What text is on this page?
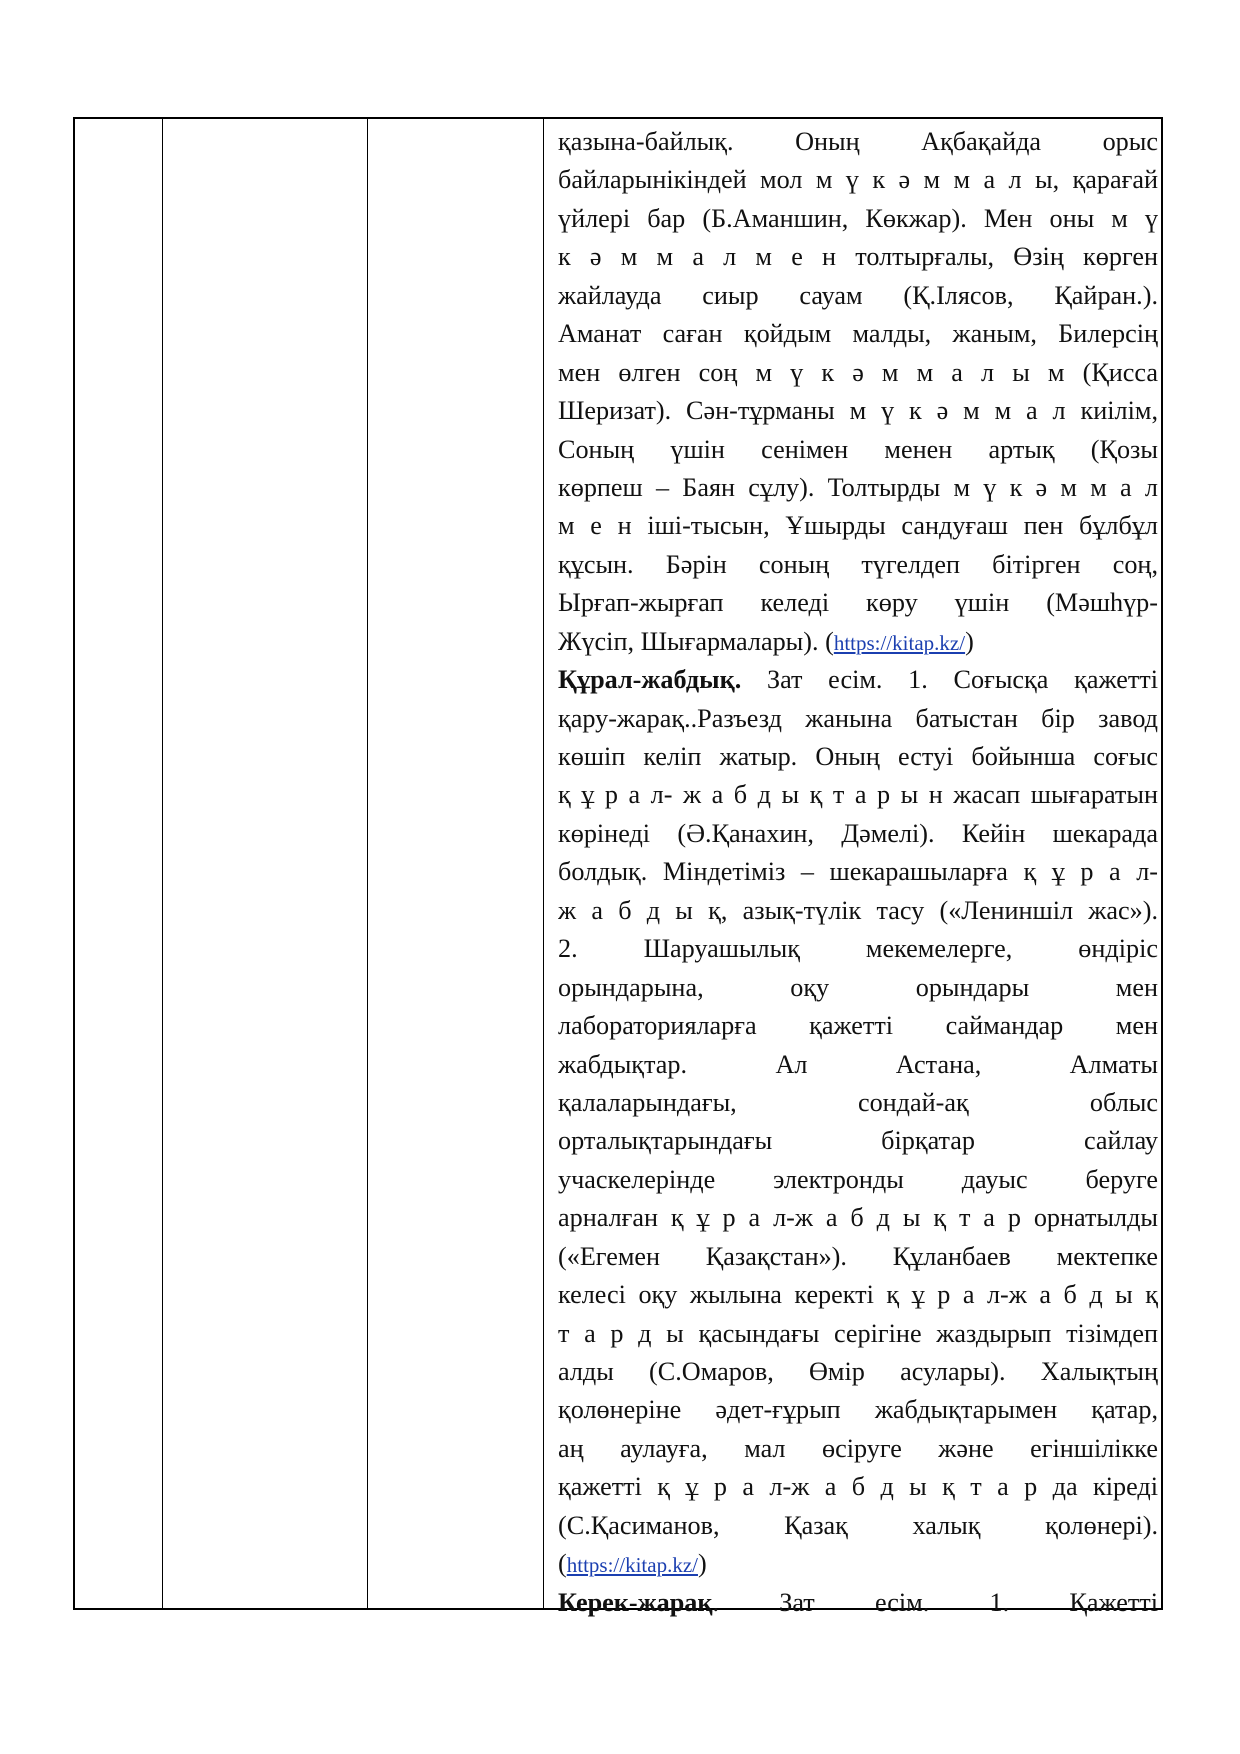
қазына-байлық. Оның Ақбақайда орыс
байларынікіндей мол м ү к ә м м а л ы, қарағай
үйлері бар (Б.Аманшин, Көкжар). Мен оны м ү
к ә м м а л м е н толтырғалы, Өзің көрген
жайлауда сиыр сауам (Қ.Іляcов, Қайран.).
Аманат саған қойдым малды, жаным, Билерсің
мен өлген соң м ү к ә м м а л ы м (Қисса
Шеризат). Сән-тұрманы м ү к ә м м а л киілім,
Соның үшін сенімен менен артық (Қозы
көрпеш – Баян сұлу). Толтырды м ү к ә м м а л
м е н іші-тысын, Ұшырды сандуғаш пен бұлбұл
құсын. Бәрін соның түгелдеп бітірген соң,
Ырғап-жырғап келеді көру үшін (Мәшһүр-
Жүсіп, Шығармалары). (https://kitap.kz/)
Құрал-жабдық. Зат есім. 1. Соғысқа қажетті
қару-жарақ..Разъезд жанына батыстан бір завод
көшіп келіп жатыр. Оның естуі бойынша соғыс
қ ұ р а л- ж а б д ы қ т а р ы н жасап шығаратын
көрінеді (Ә.Қанахин, Дәмелі). Кейін шекарада
болдық. Міндетіміз – шекарашыларға қ ұ р а л-
ж а б д ы қ, азық-түлік тасу («Лениншіл жас»).
2. Шаруашылық мекемелерге, өндіріс
орындарына, оқу орындары мен
лабораторияларға қажетті саймандар мен
жабдықтар. Ал Астана, Алматы
қалаларындағы, сондай-ақ облыс
орталықтарындағы бірқатар сайлау
учаскелерінде электронды дауыс беруге
арналған қ ұ р а л-ж а б д ы қ т а р орнатылды
(«Егемен Қазақстан»). Құланбаев мектепке
келесі оқу жылына керекті қ ұ р а л-ж а б д ы қ
т а р д ы қасындағы серігіне жаздырып тізімдеп
алды (С.Омаров, Өмір асулары). Халықтың
қолөнеріне әдет-ғұрып жабдықтарымен қатар,
аң аулауға, мал өсіруге және егіншілікке
қажетті қ ұ р а л-ж а б д ы қ т а р да кіреді
(С.Қасиманов, Қазақ халық қолөнері).
(https://kitap.kz/)
Керек-жарақ. Зат есім. 1. Қажетті
